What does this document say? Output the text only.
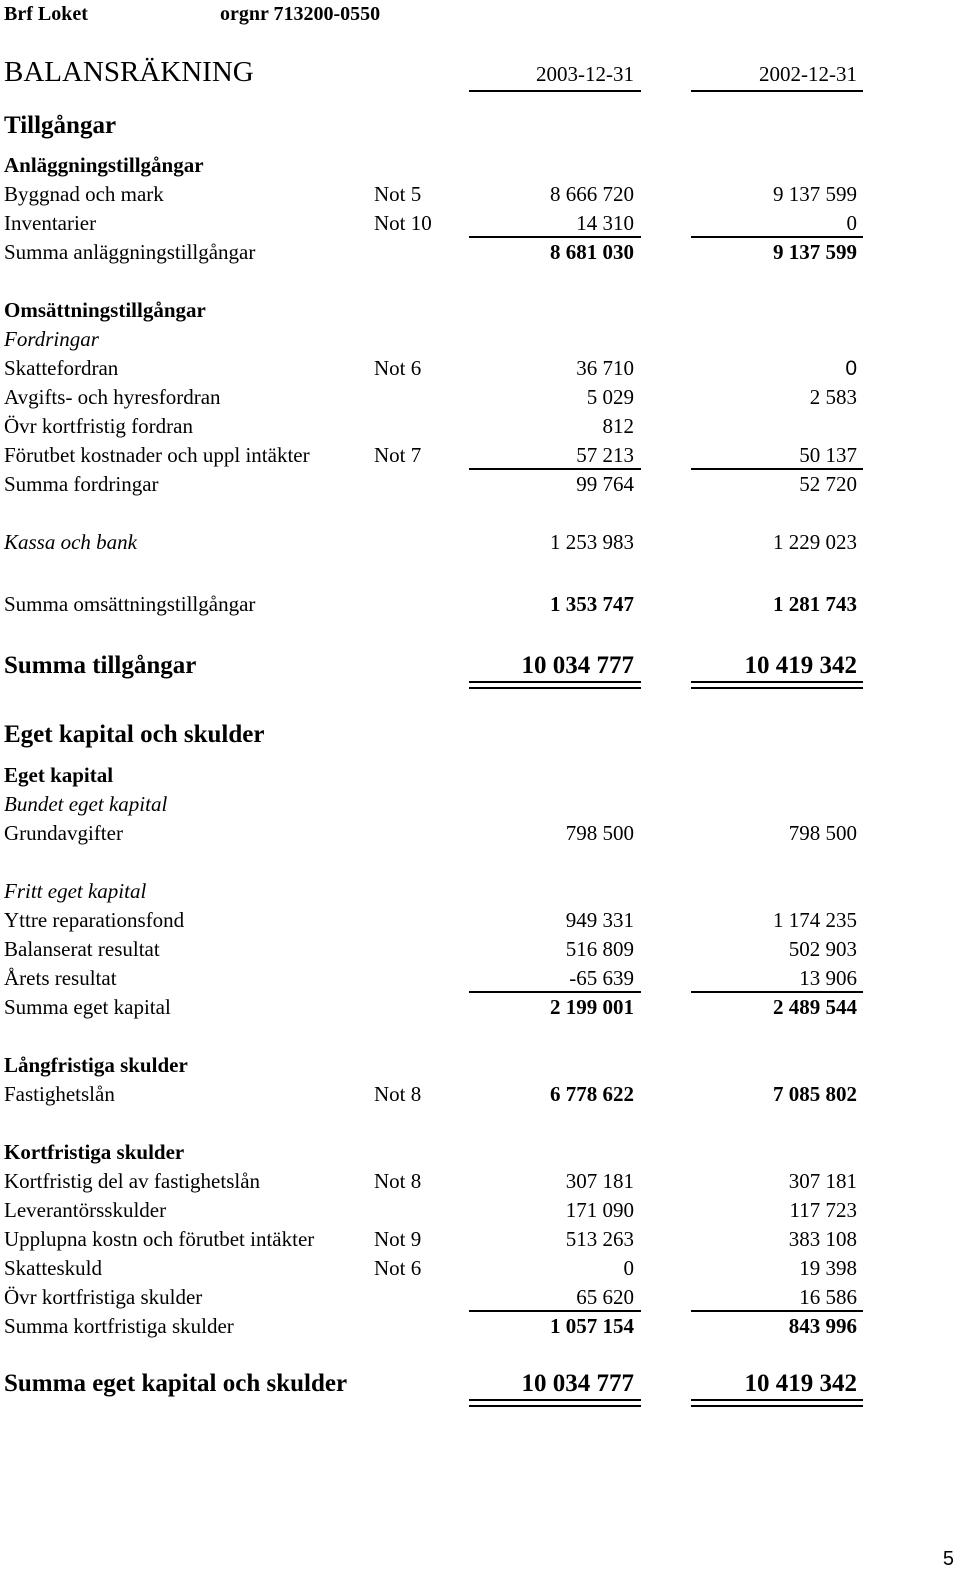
Brf Loket	orgnr 713200-0550
BALANSRÄKNING	2003-12-31	2002-12-31
Tillgångar
Anläggningstillgångar
Byggnad och mark	Not 5	8 666 720	9 137 599
Inventarier	Not 10	14 310	0
Summa anläggningstillgångar	8 681 030	9 137 599
Omsättningstillgångar
Fordringar
Skattefordran	Not 6	36 710	0
Avgifts- och hyresfordran	5 029	2 583
Övr kortfristig fordran	812
Förutbet kostnader och uppl intäkter	Not 7	57 213	50 137
Summa fordringar	99 764	52 720
Kassa och bank	1 253 983	1 229 023
Summa omsättningstillgångar	1 353 747	1 281 743
Summa tillgångar	10 034 777	10 419 342
Eget kapital och skulder
Eget kapital
Bundet eget kapital
Grundavgifter	798 500	798 500
Fritt eget kapital
Yttre reparationsfond	949 331	1 174 235
Balanserat resultat	516 809	502 903
Årets resultat	-65 639	13 906
Summa eget kapital	2 199 001	2 489 544
Långfristiga skulder
Fastighetslån	Not 8	6 778 622	7 085 802
Kortfristiga skulder
Kortfristig del av fastighetslån	Not 8	307 181	307 181
Leverantörsskulder	171 090	117 723
Upplupna kostn och förutbet intäkter	Not 9	513 263	383 108
Skatteskuld	Not 6	0	19 398
Övr kortfristiga skulder	65 620	16 586
Summa kortfristiga skulder	1 057 154	843 996
Summa eget kapital och skulder	10 034 777	10 419 342
5
